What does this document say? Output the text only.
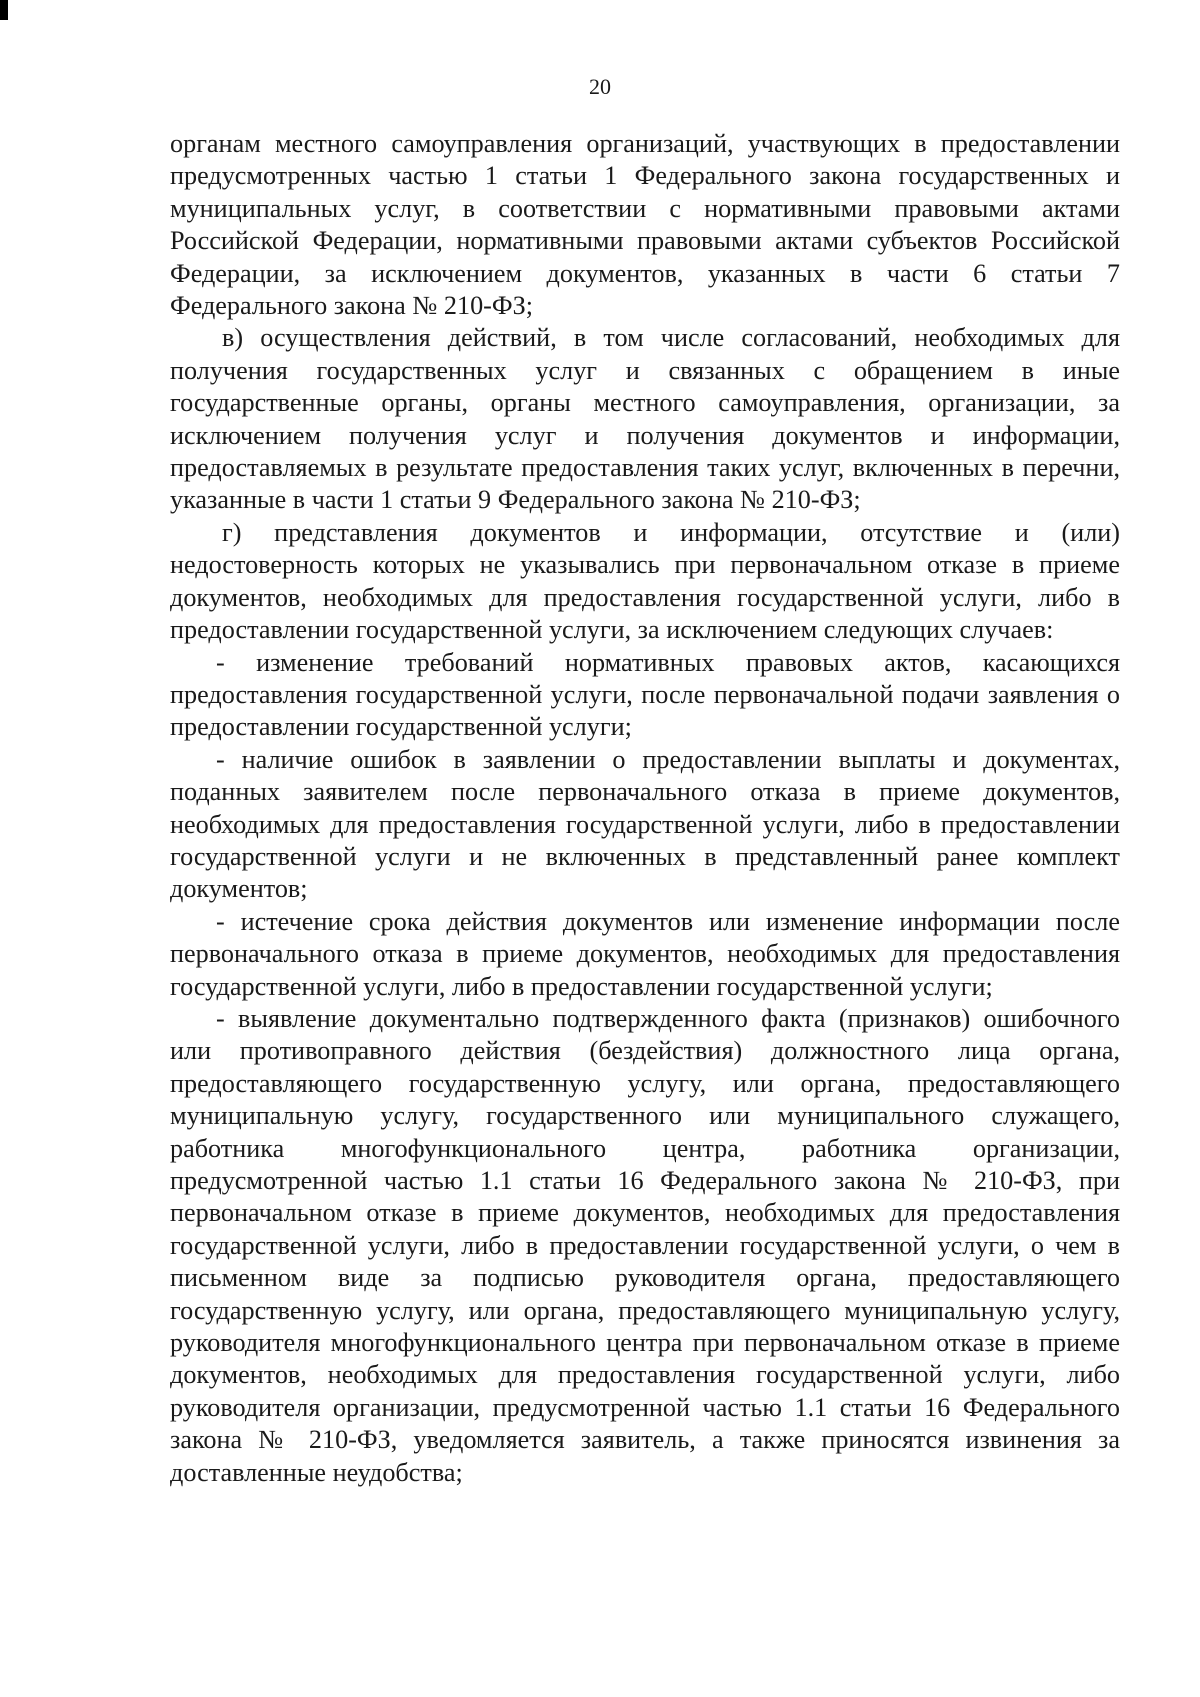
20

органам местного самоуправления организаций, участвующих в предоставлении предусмотренных частью 1 статьи 1 Федерального закона государственных и муниципальных услуг, в соответствии с нормативными правовыми актами Российской Федерации, нормативными правовыми актами субъектов Российской Федерации, за исключением документов, указанных в части 6 статьи 7 Федерального закона № 210-ФЗ;

в) осуществления действий, в том числе согласований, необходимых для получения государственных услуг и связанных с обращением в иные государственные органы, органы местного самоуправления, организации, за исключением получения услуг и получения документов и информации, предоставляемых в результате предоставления таких услуг, включенных в перечни, указанные в части 1 статьи 9 Федерального закона № 210-ФЗ;

г) представления документов и информации, отсутствие и (или) недостоверность которых не указывались при первоначальном отказе в приеме документов, необходимых для предоставления государственной услуги, либо в предоставлении государственной услуги, за исключением следующих случаев:

- изменение требований нормативных правовых актов, касающихся предоставления государственной услуги, после первоначальной подачи заявления о предоставлении государственной услуги;

- наличие ошибок в заявлении о предоставлении выплаты и документах, поданных заявителем после первоначального отказа в приеме документов, необходимых для предоставления государственной услуги, либо в предоставлении государственной услуги и не включенных в представленный ранее комплект документов;

- истечение срока действия документов или изменение информации после первоначального отказа в приеме документов, необходимых для предоставления государственной услуги, либо в предоставлении государственной услуги;

- выявление документально подтвержденного факта (признаков) ошибочного или противоправного действия (бездействия) должностного лица органа, предоставляющего государственную услугу, или органа, предоставляющего муниципальную услугу, государственного или муниципального служащего, работника многофункционального центра, работника организации, предусмотренной частью 1.1 статьи 16 Федерального закона № 210-ФЗ, при первоначальном отказе в приеме документов, необходимых для предоставления государственной услуги, либо в предоставлении государственной услуги, о чем в письменном виде за подписью руководителя органа, предоставляющего государственную услугу, или органа, предоставляющего муниципальную услугу, руководителя многофункционального центра при первоначальном отказе в приеме документов, необходимых для предоставления государственной услуги, либо руководителя организации, предусмотренной частью 1.1 статьи 16 Федерального закона № 210-ФЗ, уведомляется заявитель, а также приносятся извинения за доставленные неудобства;
